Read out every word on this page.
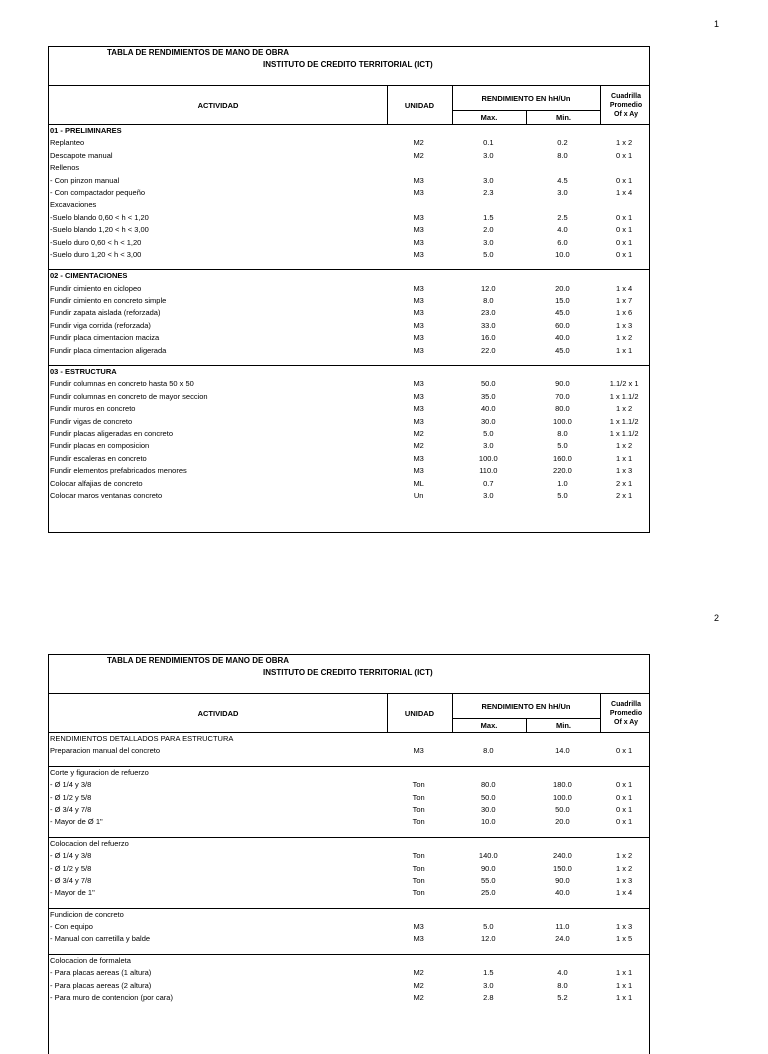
1
TABLA DE RENDIMIENTOS DE MANO DE OBRA
INSTITUTO DE CREDITO TERRITORIAL (ICT)
ACTIVIDAD	UNIDAD
RENDIMIENTO EN hH/Un
Max.	Min.
Cuadrilla
Promedio
Of x Ay
01 - PRELIMINARES
Replanteo	M2	0.1	0.2	1 x 2
Descapote manual	M2	3.0	8.0	0 x 1
Rellenos
- Con pinzon manual	M3	3.0	4.5	0 x 1
- Con compactador pequeño	M3	2.3	3.0	1 x 4
Excavaciones
-Suelo blando 0,60 < h < 1,20	M3	1.5	2.5	0 x 1
-Suelo blando 1,20 < h < 3,00	M3	2.0	4.0	0 x 1
-Suelo duro 0,60 < h < 1,20	M3	3.0	6.0	0 x 1
-Suelo duro 1,20 < h < 3,00	M3	5.0	10.0	0 x 1
02 - CIMENTACIONES
Fundir cimiento en ciclopeo	M3	12.0	20.0	1 x 4
Fundir cimiento en concreto simple	M3	8.0	15.0	1 x 7
Fundir zapata aislada (reforzada)	M3	23.0	45.0	1 x 6
Fundir viga corrida (reforzada)	M3	33.0	60.0	1 x 3
Fundir placa cimentacion maciza	M3	16.0	40.0	1 x 2
Fundir placa cimentacion aligerada	M3	22.0	45.0	1 x 1
03 - ESTRUCTURA
Fundir columnas en concreto hasta 50 x 50	M3	50.0	90.0	1.1/2 x 1
Fundir columnas en concreto de mayor seccion	M3	35.0	70.0	1 x 1.1/2
Fundir muros en concreto	M3	40.0	80.0	1 x 2
Fundir vigas de concreto	M3	30.0	100.0	1 x 1.1/2
Fundir placas aligeradas en concreto	M2	5.0	8.0	1 x 1.1/2
Fundir placas en composicion	M2	3.0	5.0	1 x 2
Fundir escaleras en concreto	M3	100.0	160.0	1 x 1
Fundir elementos prefabricados menores	M3	110.0	220.0	1 x 3
Colocar alfajias de concreto	ML	0.7	1.0	2 x 1
Colocar maros ventanas concreto	Un	3.0	5.0	2 x 1
2
TABLA DE RENDIMIENTOS DE MANO DE OBRA
INSTITUTO DE CREDITO TERRITORIAL (ICT)
ACTIVIDAD	UNIDAD
RENDIMIENTO EN hH/Un
Max.	Min.
Cuadrilla
Promedio
Of x Ay
RENDIMIENTOS DETALLADOS PARA ESTRUCTURA
Preparacion manual del concreto	M3	8.0	14.0	0 x 1
Corte y figuracion de refuerzo
- Ø 1/4 y 3/8	Ton	80.0	180.0	0 x 1
- Ø 1/2 y 5/8	Ton	50.0	100.0	0 x 1
- Ø 3/4 y 7/8	Ton	30.0	50.0	0 x 1
- Mayor de Ø 1"	Ton	10.0	20.0	0 x 1
Colocacion del refuerzo
- Ø 1/4 y 3/8	Ton	140.0	240.0	1 x 2
- Ø 1/2 y 5/8	Ton	90.0	150.0	1 x 2
- Ø 3/4 y 7/8	Ton	55.0	90.0	1 x 3
- Mayor de 1"	Ton	25.0	40.0	1 x 4
Fundicion de concreto
- Con equipo	M3	5.0	11.0	1 x 3
- Manual con carretilla y balde	M3	12.0	24.0	1 x 5
Colocacion de formaleta
- Para placas aereas (1 altura)	M2	1.5	4.0	1 x 1
- Para placas aereas (2 altura)	M2	3.0	8.0	1 x 1
- Para muro de contencion (por cara)	M2	2.8	5.2	1 x 1
